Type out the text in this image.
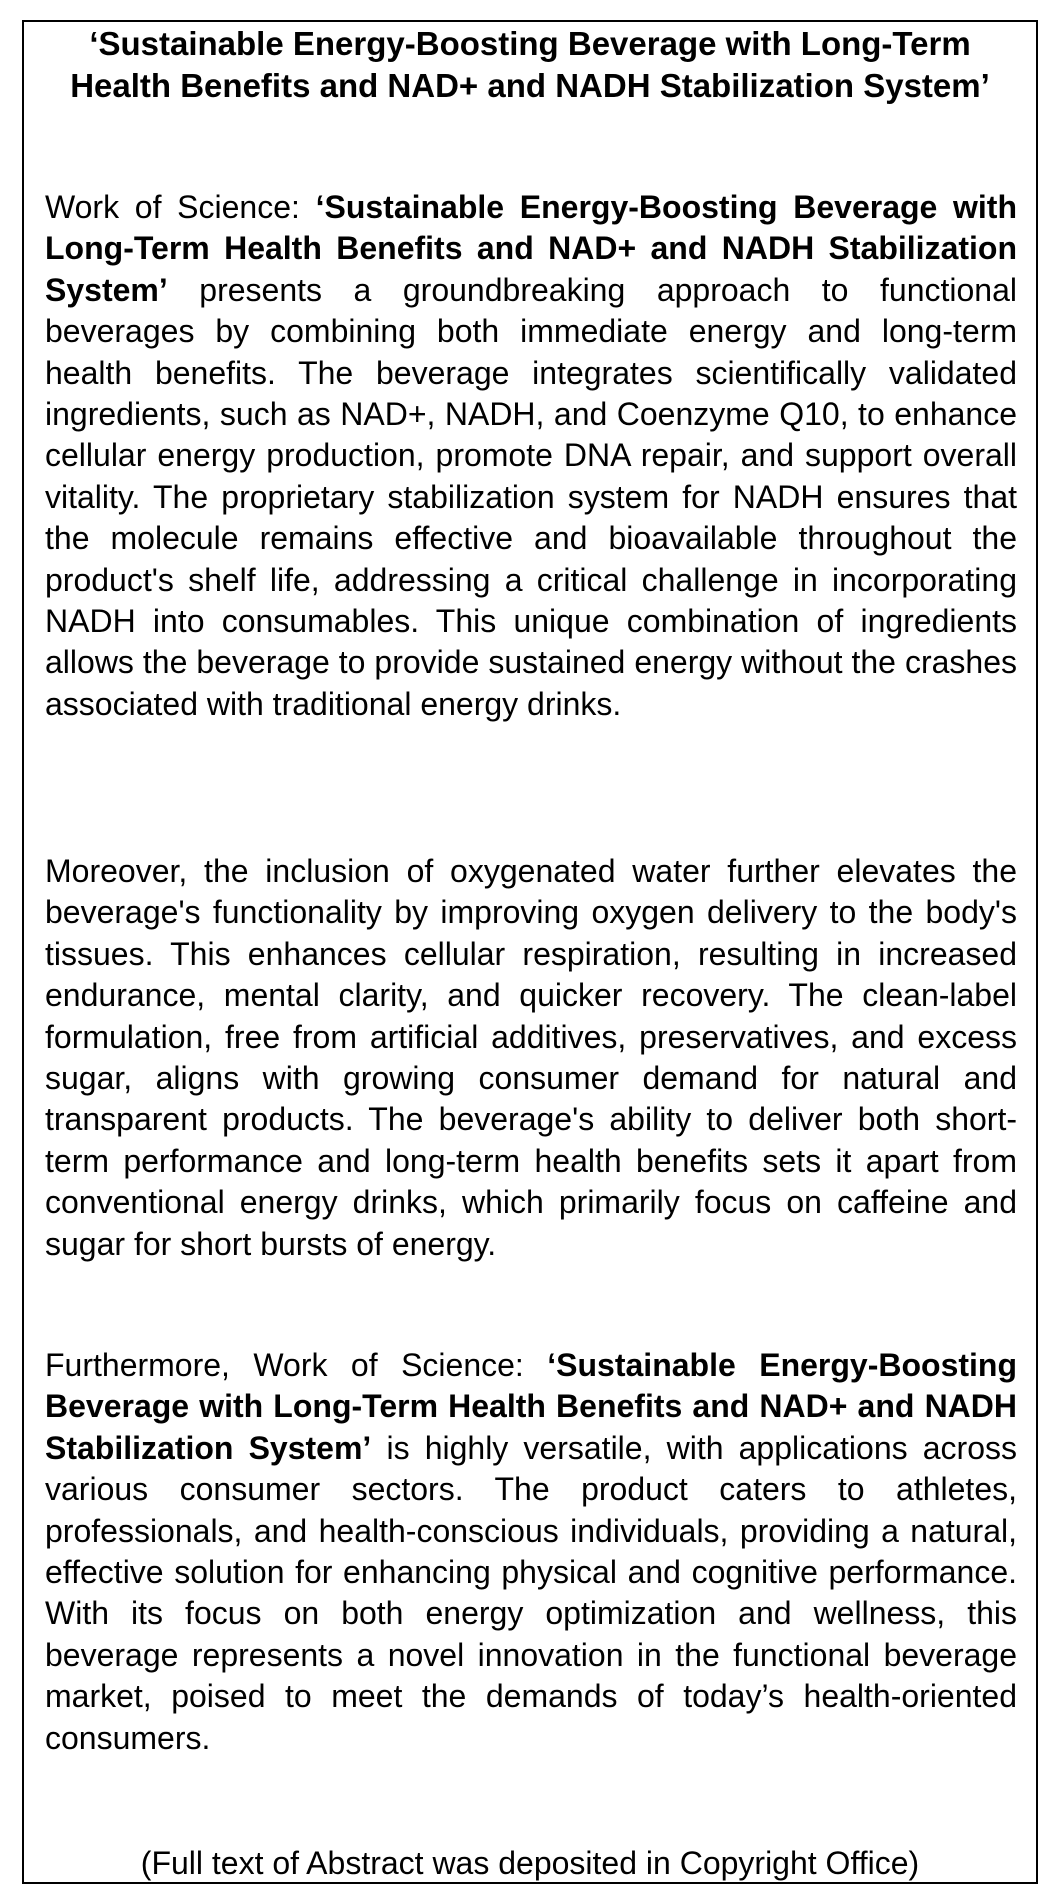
‘Sustainable Energy-Boosting Beverage with Long-Term Health Benefits and NAD+ and NADH Stabilization System’

Work of Science: ‘Sustainable Energy-Boosting Beverage with Long-Term Health Benefits and NAD+ and NADH Stabilization System’ presents a groundbreaking approach to functional beverages by combining both immediate energy and long-term health benefits. The beverage integrates scientifically validated ingredients, such as NAD+, NADH, and Coenzyme Q10, to enhance cellular energy production, promote DNA repair, and support overall vitality. The proprietary stabilization system for NADH ensures that the molecule remains effective and bioavailable throughout the product's shelf life, addressing a critical challenge in incorporating NADH into consumables. This unique combination of ingredients allows the beverage to provide sustained energy without the crashes associated with traditional energy drinks.

Moreover, the inclusion of oxygenated water further elevates the beverage's functionality by improving oxygen delivery to the body's tissues. This enhances cellular respiration, resulting in increased endurance, mental clarity, and quicker recovery. The clean-label formulation, free from artificial additives, preservatives, and excess sugar, aligns with growing consumer demand for natural and transparent products. The beverage's ability to deliver both short-term performance and long-term health benefits sets it apart from conventional energy drinks, which primarily focus on caffeine and sugar for short bursts of energy.

Furthermore, Work of Science: ‘Sustainable Energy-Boosting Beverage with Long-Term Health Benefits and NAD+ and NADH Stabilization System’ is highly versatile, with applications across various consumer sectors. The product caters to athletes, professionals, and health-conscious individuals, providing a natural, effective solution for enhancing physical and cognitive performance. With its focus on both energy optimization and wellness, this beverage represents a novel innovation in the functional beverage market, poised to meet the demands of today’s health-oriented consumers.

(Full text of Abstract was deposited in Copyright Office)
